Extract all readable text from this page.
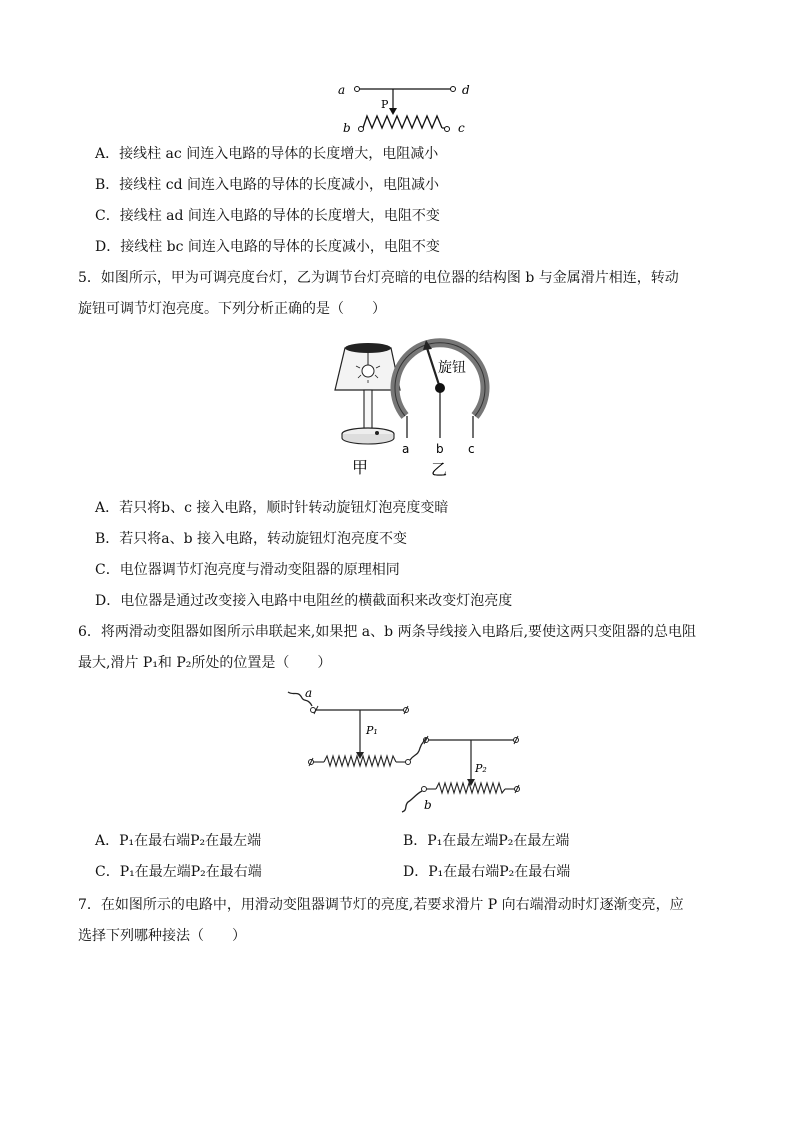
a	d
P
b	c
A．接线柱 ac 间连入电路的导体的长度增大，电阻减小
B．接线柱 cd 间连入电路的导体的长度减小，电阻减小
C．接线柱 ad 间连入电路的导体的长度增大，电阻不变
D．接线柱 bc 间连入电路的导体的长度减小，电阻不变
5．如图所示，甲为可调亮度台灯，乙为调节台灯亮暗的电位器的结构图 b 与金属滑片相连，转动
旋钮可调节灯泡亮度。下列分析正确的是（　　）
甲
旋钮
a b c
乙
A．若只将b、c 接入电路，顺时针转动旋钮灯泡亮度变暗
B．若只将a、b 接入电路，转动旋钮灯泡亮度不变
C．电位器调节灯泡亮度与滑动变阻器的原理相同
D．电位器是通过改变接入电路中电阻丝的横截面积来改变灯泡亮度
6．将两滑动变阻器如图所示串联起来,如果把 a、b 两条导线接入电路后,要使这两只变阻器的总电阻
最大,滑片 P₁和 P₂所处的位置是（　　）
a
P₁
P₂
b
A．P₁在最右端P₂在最左端	B．P₁在最左端P₂在最左端
C．P₁在最左端P₂在最右端	D．P₁在最右端P₂在最右端
7．在如图所示的电路中，用滑动变阻器调节灯的亮度,若要求滑片 P 向右端滑动时灯逐渐变亮，应
选择下列哪种接法（　　）
